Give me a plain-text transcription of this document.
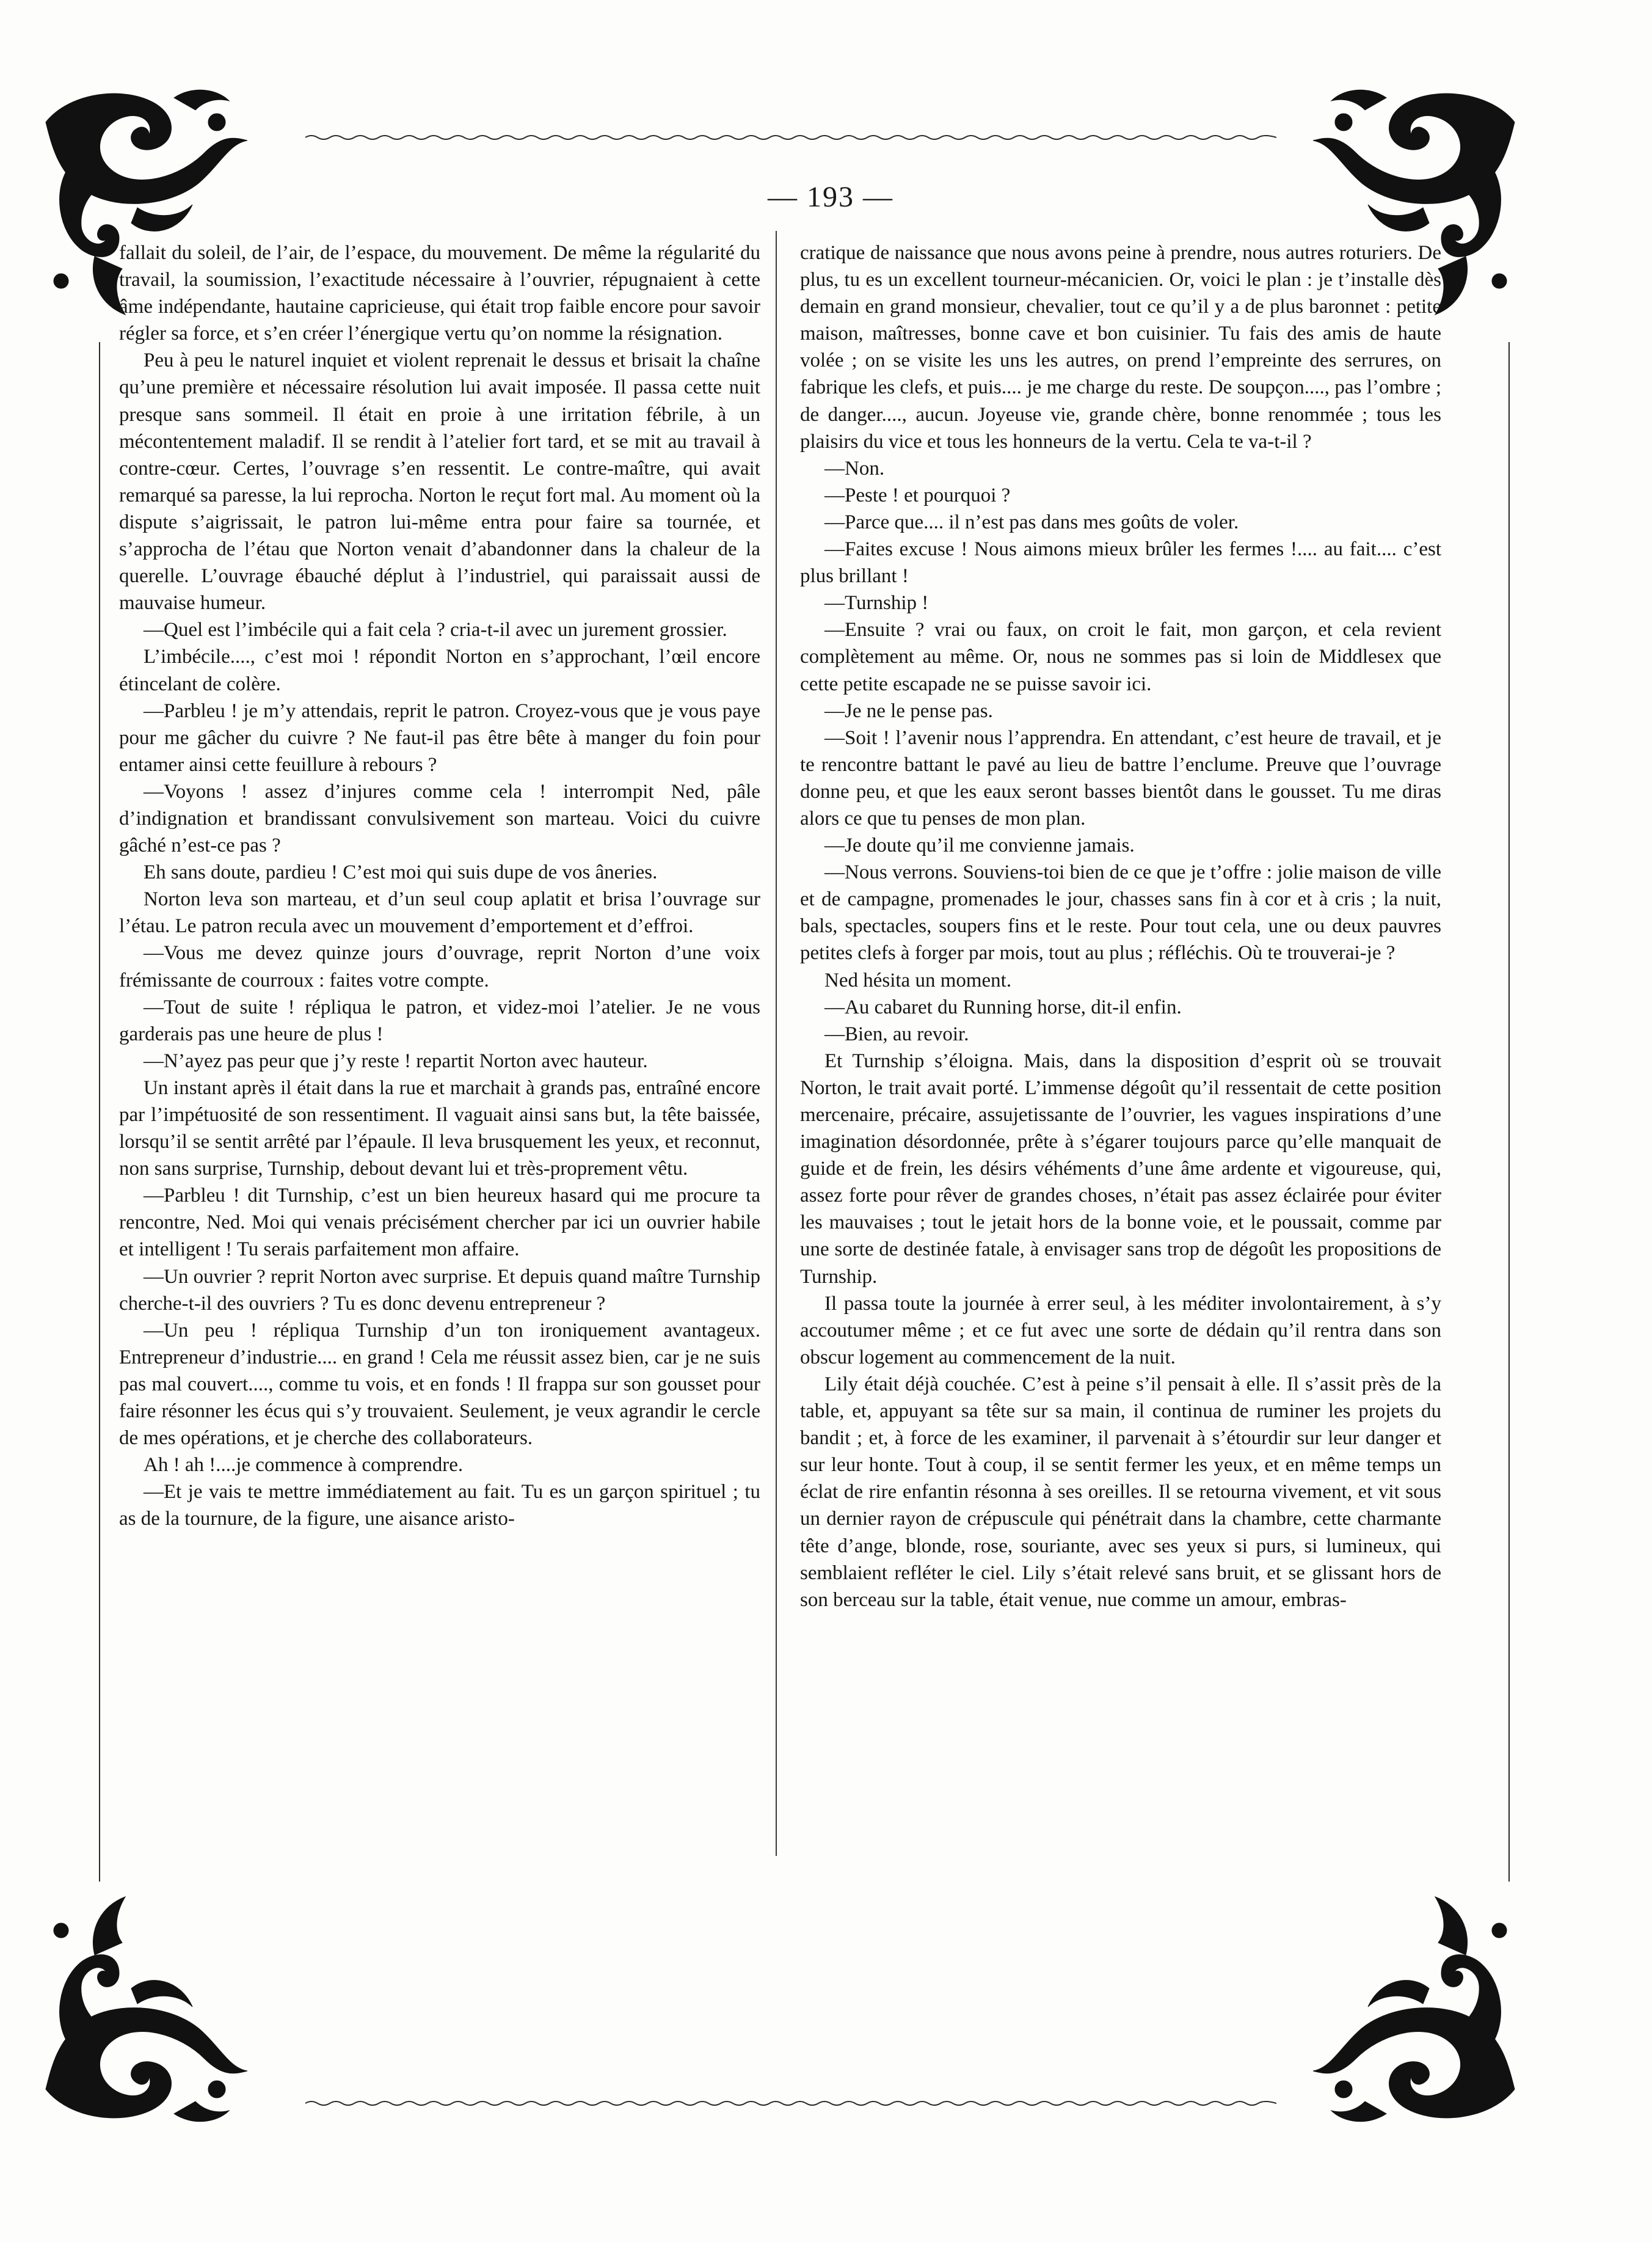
— 193 —

fallait du soleil, de l’air, de l’espace, du mouvement. De même la régularité du travail, la soumission, l’exactitude nécessaire à l’ouvrier, répugnaient à cette âme indépendante, hautaine capricieuse, qui était trop faible encore pour savoir régler sa force, et s’en créer l’énergique vertu qu’on nomme la résignation.

Peu à peu le naturel inquiet et violent reprenait le dessus et brisait la chaîne qu’une première et nécessaire résolution lui avait imposée. Il passa cette nuit presque sans sommeil. Il était en proie à une irritation fébrile, à un mécontentement maladif. Il se rendit à l’atelier fort tard, et se mit au travail à contre-cœur. Certes, l’ouvrage s’en ressentit. Le contre-maître, qui avait remarqué sa paresse, la lui reprocha. Norton le reçut fort mal. Au moment où la dispute s’aigrissait, le patron lui-même entra pour faire sa tournée, et s’approcha de l’étau que Norton venait d’abandonner dans la chaleur de la querelle. L’ouvrage ébauché déplut à l’industriel, qui paraissait aussi de mauvaise humeur.

—Quel est l’imbécile qui a fait cela ? cria-t-il avec un jurement grossier.

L’imbécile...., c’est moi ! répondit Norton en s’approchant, l’œil encore étincelant de colère.

—Parbleu ! je m’y attendais, reprit le patron. Croyez-vous que je vous paye pour me gâcher du cuivre ? Ne faut-il pas être bête à manger du foin pour entamer ainsi cette feuillure à rebours ?

—Voyons ! assez d’injures comme cela ! interrompit Ned, pâle d’indignation et brandissant convulsivement son marteau. Voici du cuivre gâché n’est-ce pas ?

Eh sans doute, pardieu ! C’est moi qui suis dupe de vos âneries.

Norton leva son marteau, et d’un seul coup aplatit et brisa l’ouvrage sur l’étau. Le patron recula avec un mouvement d’emportement et d’effroi.

—Vous me devez quinze jours d’ouvrage, reprit Norton d’une voix frémissante de courroux : faites votre compte.

—Tout de suite ! répliqua le patron, et videz-moi l’atelier. Je ne vous garderais pas une heure de plus !

—N’ayez pas peur que j’y reste ! repartit Norton avec hauteur.

Un instant après il était dans la rue et marchait à grands pas, entraîné encore par l’impétuosité de son ressentiment. Il vaguait ainsi sans but, la tête baissée, lorsqu’il se sentit arrêté par l’épaule. Il leva brusquement les yeux, et reconnut, non sans surprise, Turnship, debout devant lui et très-proprement vêtu.

—Parbleu ! dit Turnship, c’est un bien heureux hasard qui me procure ta rencontre, Ned. Moi qui venais précisément chercher par ici un ouvrier habile et intelligent ! Tu serais parfaitement mon affaire.

—Un ouvrier ? reprit Norton avec surprise. Et depuis quand maître Turnship cherche-t-il des ouvriers ? Tu es donc devenu entrepreneur ?

—Un peu ! répliqua Turnship d’un ton ironiquement avantageux. Entrepreneur d’industrie.... en grand ! Cela me réussit assez bien, car je ne suis pas mal couvert...., comme tu vois, et en fonds ! Il frappa sur son gousset pour faire résonner les écus qui s’y trouvaient. Seulement, je veux agrandir le cercle de mes opérations, et je cherche des collaborateurs.

Ah ! ah !....je commence à comprendre.

—Et je vais te mettre immédiatement au fait. Tu es un garçon spirituel ; tu as de la tournure, de la figure, une aisance aristo-

cratique de naissance que nous avons peine à prendre, nous autres roturiers. De plus, tu es un excellent tourneur-mécanicien. Or, voici le plan : je t’installe dès demain en grand monsieur, chevalier, tout ce qu’il y a de plus baronnet : petite maison, maîtresses, bonne cave et bon cuisinier. Tu fais des amis de haute volée ; on se visite les uns les autres, on prend l’empreinte des serrures, on fabrique les clefs, et puis.... je me charge du reste. De soupçon...., pas l’ombre ; de danger...., aucun. Joyeuse vie, grande chère, bonne renommée ; tous les plaisirs du vice et tous les honneurs de la vertu. Cela te va-t-il ?

—Non.

—Peste ! et pourquoi ?

—Parce que.... il n’est pas dans mes goûts de voler.

—Faites excuse ! Nous aimons mieux brûler les fermes !.... au fait.... c’est plus brillant !

—Turnship !

—Ensuite ? vrai ou faux, on croit le fait, mon garçon, et cela revient complètement au même. Or, nous ne sommes pas si loin de Middlesex que cette petite escapade ne se puisse savoir ici.

—Je ne le pense pas.

—Soit ! l’avenir nous l’apprendra. En attendant, c’est heure de travail, et je te rencontre battant le pavé au lieu de battre l’enclume. Preuve que l’ouvrage donne peu, et que les eaux seront basses bientôt dans le gousset. Tu me diras alors ce que tu penses de mon plan.

—Je doute qu’il me convienne jamais.

—Nous verrons. Souviens-toi bien de ce que je t’offre : jolie maison de ville et de campagne, promenades le jour, chasses sans fin à cor et à cris ; la nuit, bals, spectacles, soupers fins et le reste. Pour tout cela, une ou deux pauvres petites clefs à forger par mois, tout au plus ; réfléchis. Où te trouverai-je ?

Ned hésita un moment.

—Au cabaret du Running horse, dit-il enfin.

—Bien, au revoir.

Et Turnship s’éloigna. Mais, dans la disposition d’esprit où se trouvait Norton, le trait avait porté. L’immense dégoût qu’il ressentait de cette position mercenaire, précaire, assujetissante de l’ouvrier, les vagues inspirations d’une imagination désordonnée, prête à s’égarer toujours parce qu’elle manquait de guide et de frein, les désirs véhéments d’une âme ardente et vigoureuse, qui, assez forte pour rêver de grandes choses, n’était pas assez éclairée pour éviter les mauvaises ; tout le jetait hors de la bonne voie, et le poussait, comme par une sorte de destinée fatale, à envisager sans trop de dégoût les propositions de Turnship.

Il passa toute la journée à errer seul, à les méditer involontairement, à s’y accoutumer même ; et ce fut avec une sorte de dédain qu’il rentra dans son obscur logement au commencement de la nuit.

Lily était déjà couchée. C’est à peine s’il pensait à elle. Il s’assit près de la table, et, appuyant sa tête sur sa main, il continua de ruminer les projets du bandit ; et, à force de les examiner, il parvenait à s’étourdir sur leur danger et sur leur honte. Tout à coup, il se sentit fermer les yeux, et en même temps un éclat de rire enfantin résonna à ses oreilles. Il se retourna vivement, et vit sous un dernier rayon de crépuscule qui pénétrait dans la chambre, cette charmante tête d’ange, blonde, rose, souriante, avec ses yeux si purs, si lumineux, qui semblaient refléter le ciel. Lily s’était relevé sans bruit, et se glissant hors de son berceau sur la table, était venue, nue comme un amour, embras-
